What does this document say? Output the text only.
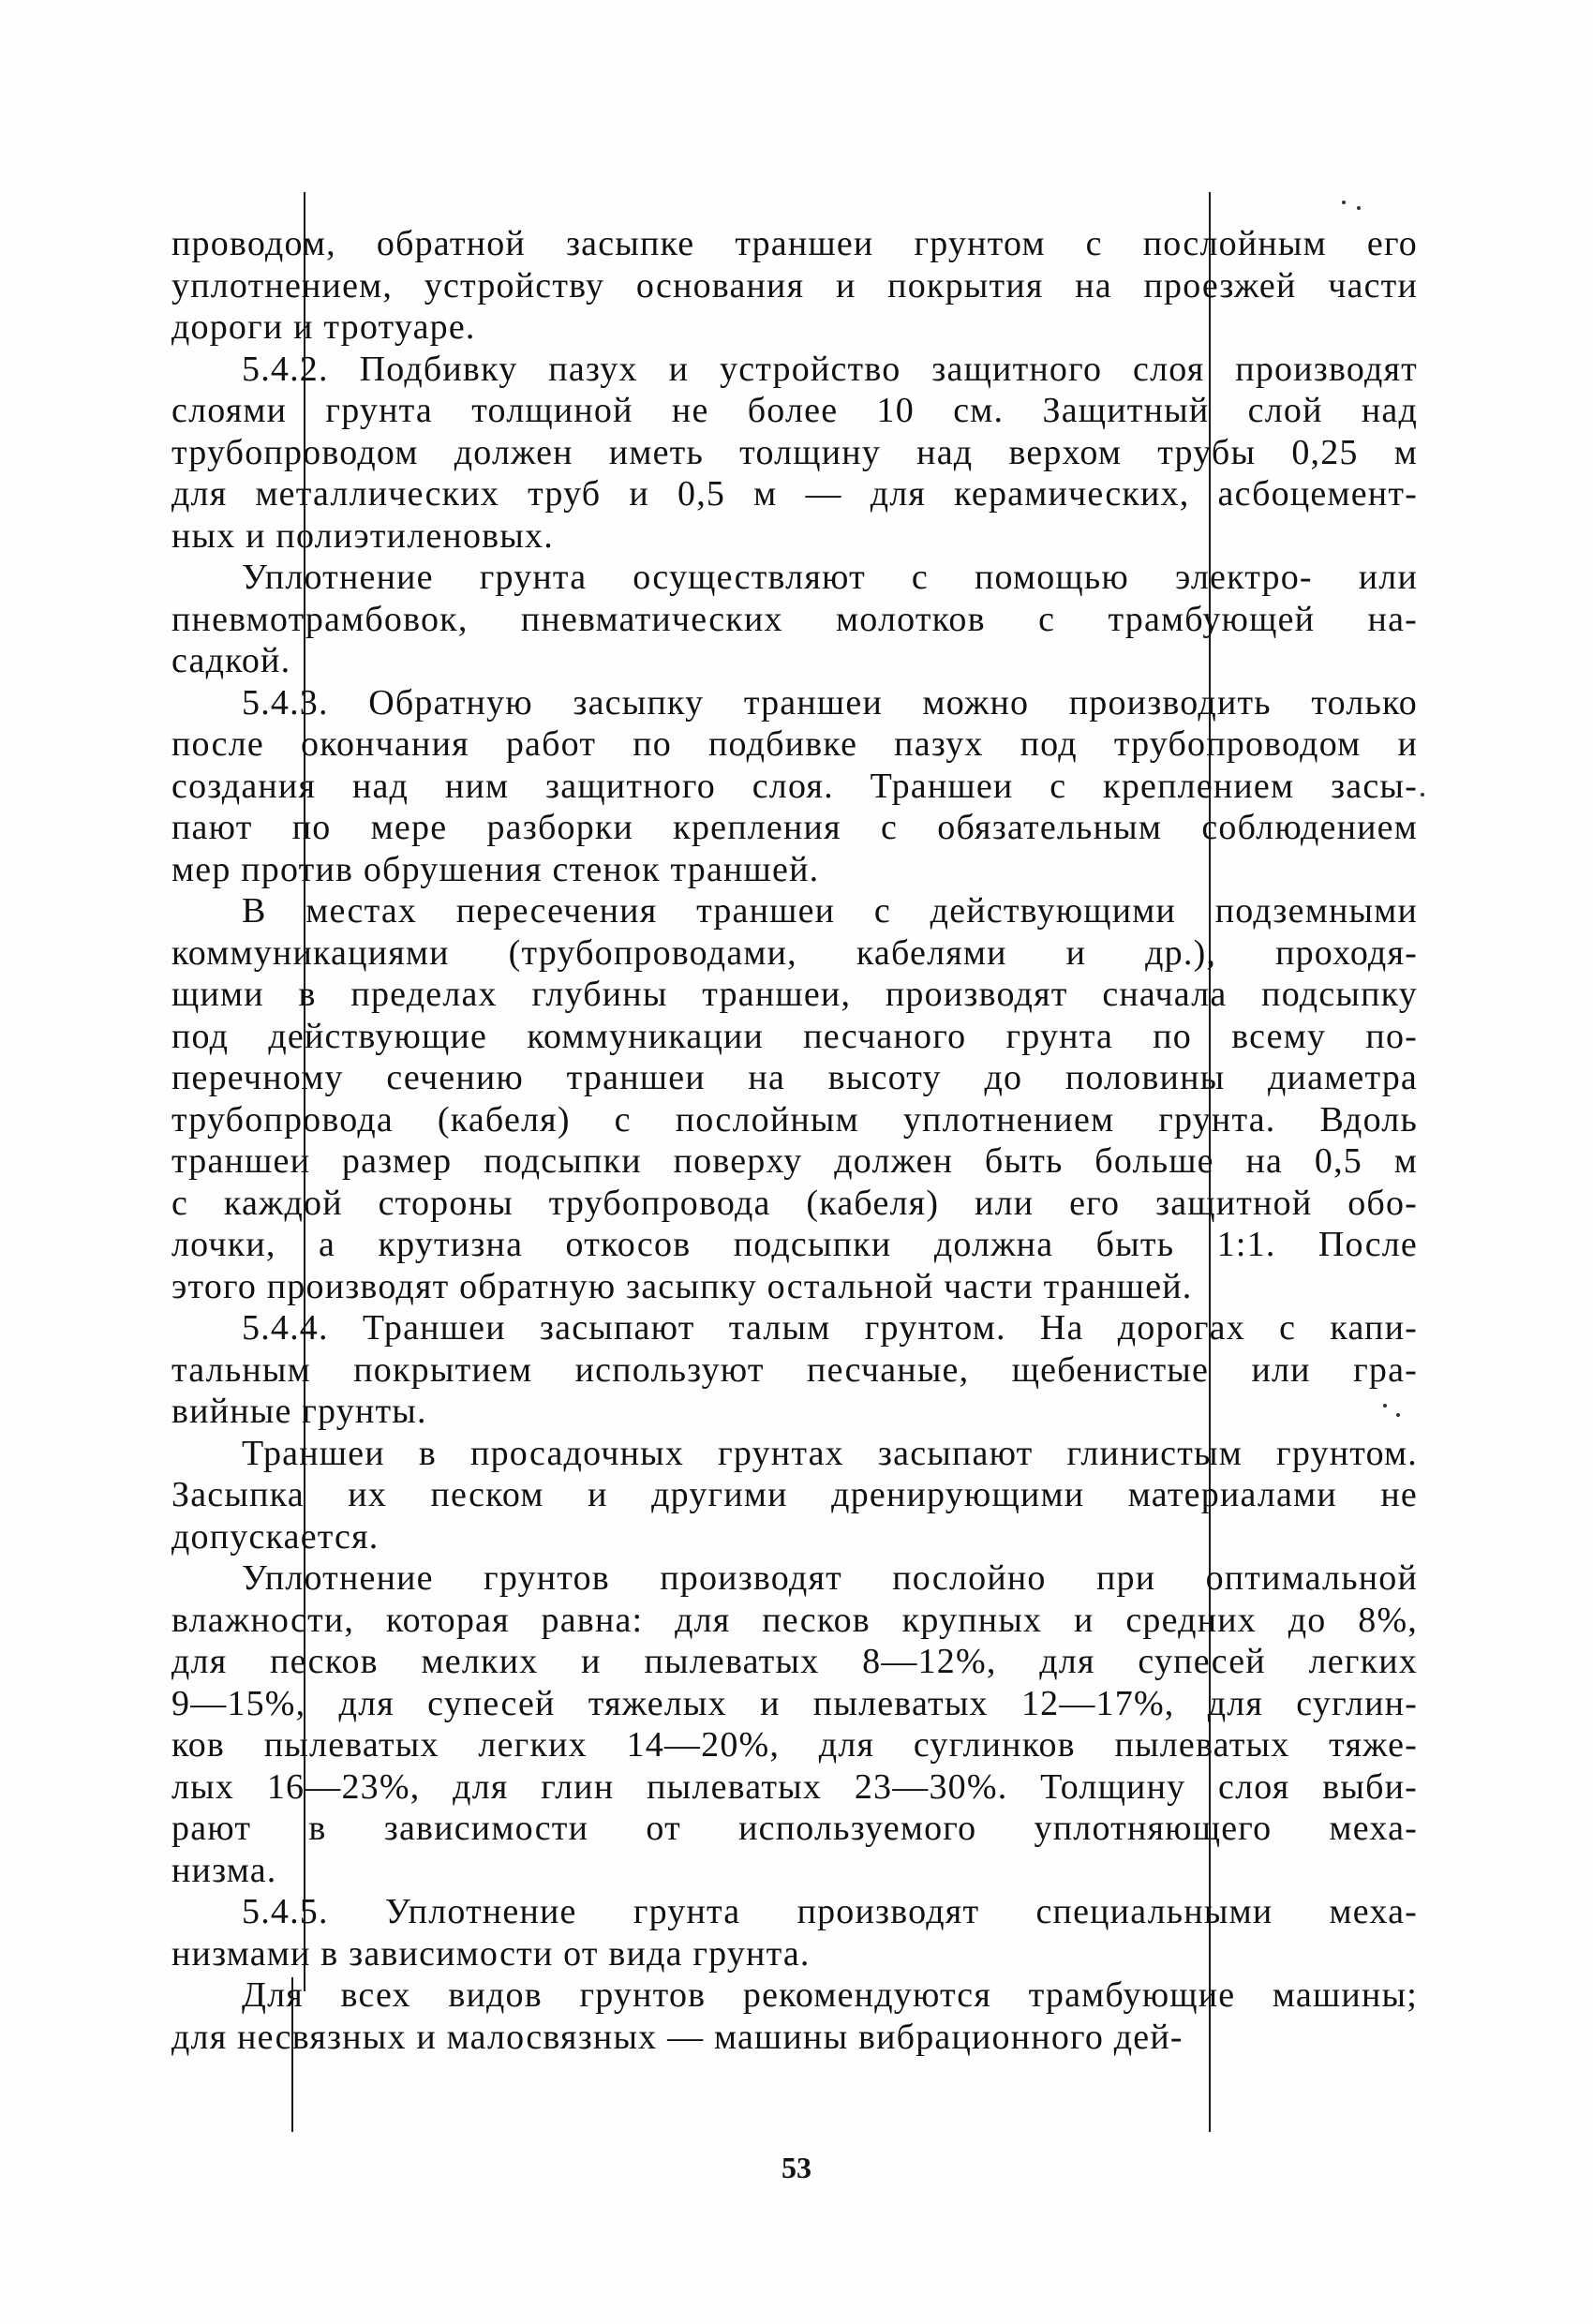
проводом, обратной засыпке траншеи грунтом с послойным его
уплотнением, устройству основания и покрытия на проезжей части
дороги и тротуаре.
5.4.2. Подбивку пазух и устройство защитного слоя производят
слоями грунта толщиной не более 10 см. Защитный слой над
трубопроводом должен иметь толщину над верхом трубы 0,25 м
для металлических труб и 0,5 м — для керамических, асбоцемент-
ных и полиэтиленовых.
Уплотнение грунта осуществляют с помощью электро- или
пневмотрамбовок, пневматических молотков с трамбующей на-
садкой.
5.4.3. Обратную засыпку траншеи можно производить только
после окончания работ по подбивке пазух под трубопроводом и
создания над ним защитного слоя. Траншеи с креплением засы-
пают по мере разборки крепления с обязательным соблюдением
мер против обрушения стенок траншей.
В местах пересечения траншеи с действующими подземными
коммуникациями (трубопроводами, кабелями и др.), проходя-
щими в пределах глубины траншеи, производят сначала подсыпку
под действующие коммуникации песчаного грунта по всему по-
перечному сечению траншеи на высоту до половины диаметра
трубопровода (кабеля) с послойным уплотнением грунта. Вдоль
траншеи размер подсыпки поверху должен быть больше на 0,5 м
с каждой стороны трубопровода (кабеля) или его защитной обо-
лочки, а крутизна откосов подсыпки должна быть 1:1. После
этого производят обратную засыпку остальной части траншей.
5.4.4. Траншеи засыпают талым грунтом. На дорогах с капи-
тальным покрытием используют песчаные, щебенистые или гра-
вийные грунты.
Траншеи в просадочных грунтах засыпают глинистым грунтом.
Засыпка их песком и другими дренирующими материалами не
допускается.
Уплотнение грунтов производят послойно при оптимальной
влажности, которая равна: для песков крупных и средних до 8%,
для песков мелких и пылеватых 8—12%, для супесей легких
9—15%, для супесей тяжелых и пылеватых 12—17%, для суглин-
ков пылеватых легких 14—20%, для суглинков пылеватых тяже-
лых 16—23%, для глин пылеватых 23—30%. Толщину слоя выби-
рают в зависимости от используемого уплотняющего меха-
низма.
5.4.5. Уплотнение грунта производят специальными меха-
низмами в зависимости от вида грунта.
Для всех видов грунтов рекомендуются трамбующие машины;
для несвязных и малосвязных — машины вибрационного дей-
53
